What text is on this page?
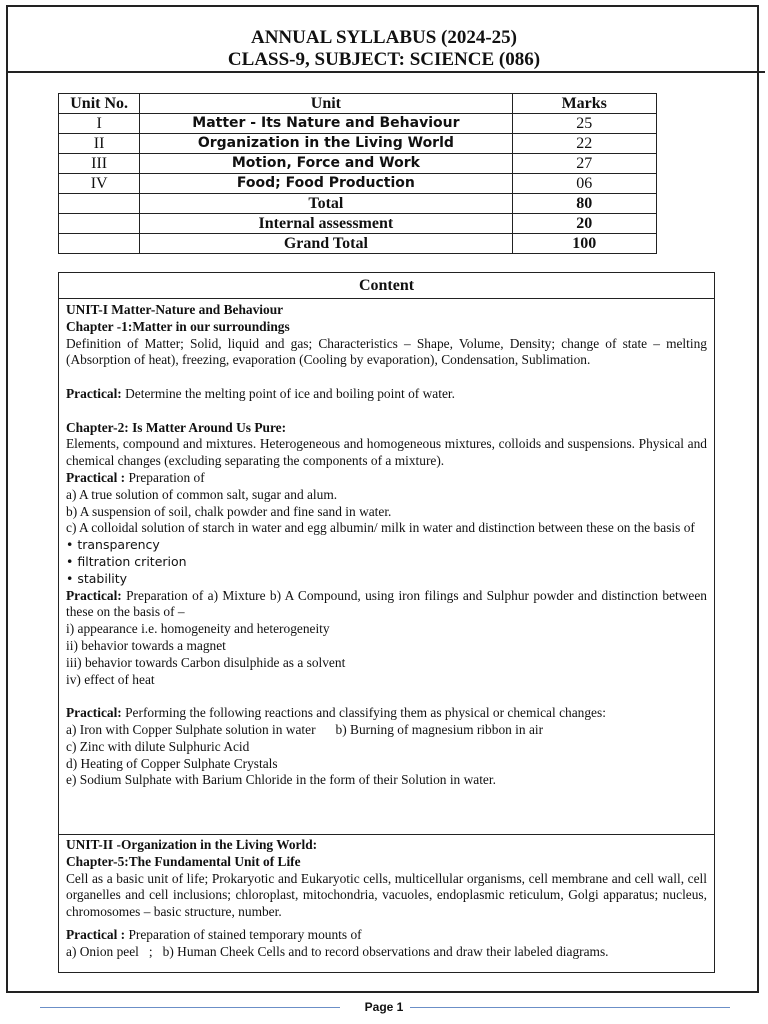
ANNUAL SYLLABUS (2024-25)
CLASS-9, SUBJECT: SCIENCE (086)
Unit No.	Unit	Marks
I	Matter - Its Nature and Behaviour	25
II	Organization in the Living World	22
III	Motion, Force and Work	27
IV	Food; Food Production	06
	Total	80
	Internal assessment	20
	Grand Total	100
Content

UNIT-I Matter-Nature and Behaviour

Chapter -1:Matter in our surroundings

Definition of Matter; Solid, liquid and gas; Characteristics – Shape, Volume, Density; change of state – melting (Absorption of heat), freezing, evaporation (Cooling by evaporation), Condensation, Sublimation.

Practical: Determine the melting point of ice and boiling point of water.

Chapter-2: Is Matter Around Us Pure:

Elements, compound and mixtures. Heterogeneous and homogeneous mixtures, colloids and suspensions. Physical and chemical changes (excluding separating the components of a mixture).

Practical : Preparation of

a) A true solution of common salt, sugar and alum.

b) A suspension of soil, chalk powder and fine sand in water.

c) A colloidal solution of starch in water and egg albumin/ milk in water and distinction between these on the basis of

• transparency

• filtration criterion

• stability

Practical: Preparation of a) Mixture b) A Compound, using iron filings and Sulphur powder and distinction between these on the basis of –

i) appearance i.e. homogeneity and heterogeneity

ii) behavior towards a magnet

iii) behavior towards Carbon disulphide as a solvent

iv) effect of heat

Practical: Performing the following reactions and classifying them as physical or chemical changes:

a) Iron with Copper Sulphate solution in water b) Burning of magnesium ribbon in air

c) Zinc with dilute Sulphuric Acid

d) Heating of Copper Sulphate Crystals

e) Sodium Sulphate with Barium Chloride in the form of their Solution in water.

UNIT-II -Organization in the Living World:

Chapter-5:The Fundamental Unit of Life

Cell as a basic unit of life; Prokaryotic and Eukaryotic cells, multicellular organisms, cell membrane and cell wall, cell organelles and cell inclusions; chloroplast, mitochondria, vacuoles, endoplasmic reticulum, Golgi apparatus; nucleus, chromosomes – basic structure, number.

Practical : Preparation of stained temporary mounts of

a) Onion peel   ;   b) Human Cheek Cells and to record observations and draw their labeled diagrams.

Page 1
